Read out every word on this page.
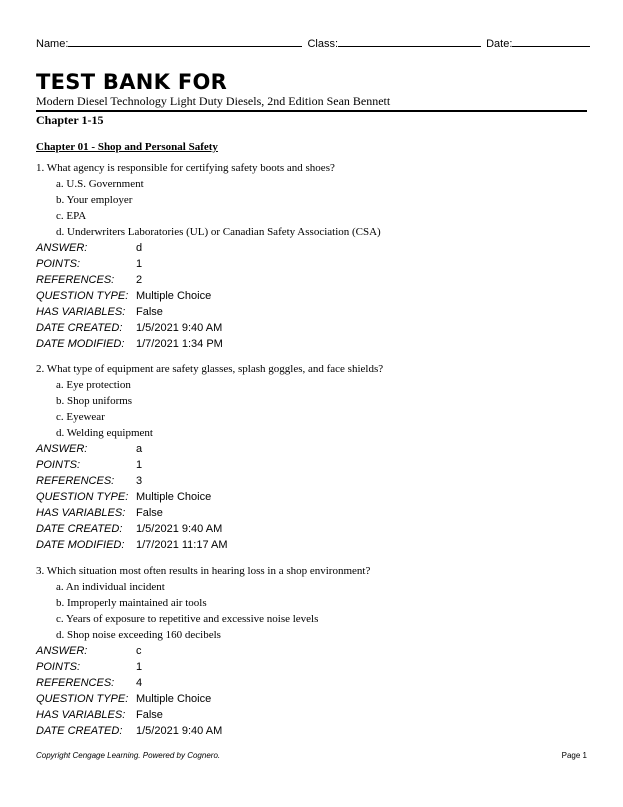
Name:	Class:	Date:
TEST BANK FOR
Modern Diesel Technology Light Duty Diesels, 2nd Edition Sean Bennett
Chapter 1-15
Chapter 01 - Shop and Personal Safety
1. What agency is responsible for certifying safety boots and shoes?
a. U.S. Government
b. Your employer
c. EPA
d. Underwriters Laboratories (UL) or Canadian Safety Association (CSA)
ANSWER:	d
POINTS:	1
REFERENCES: 2
QUESTION TYPE: Multiple Choice
HAS VARIABLES: False
DATE CREATED: 1/5/2021 9:40 AM
DATE MODIFIED: 1/7/2021 1:34 PM
2. What type of equipment are safety glasses, splash goggles, and face shields?
a. Eye protection
b. Shop uniforms
c. Eyewear
d. Welding equipment
ANSWER:	a
POINTS:	1
REFERENCES: 3
QUESTION TYPE: Multiple Choice
HAS VARIABLES: False
DATE CREATED: 1/5/2021 9:40 AM
DATE MODIFIED: 1/7/2021 11:17 AM
3. Which situation most often results in hearing loss in a shop environment?
a. An individual incident
b. Improperly maintained air tools
c. Years of exposure to repetitive and excessive noise levels
d. Shop noise exceeding 160 decibels
ANSWER:	c
POINTS:	1
REFERENCES: 4
QUESTION TYPE: Multiple Choice
HAS VARIABLES: False
DATE CREATED: 1/5/2021 9:40 AM
Copyright Cengage Learning. Powered by Cognero.	Page 1
